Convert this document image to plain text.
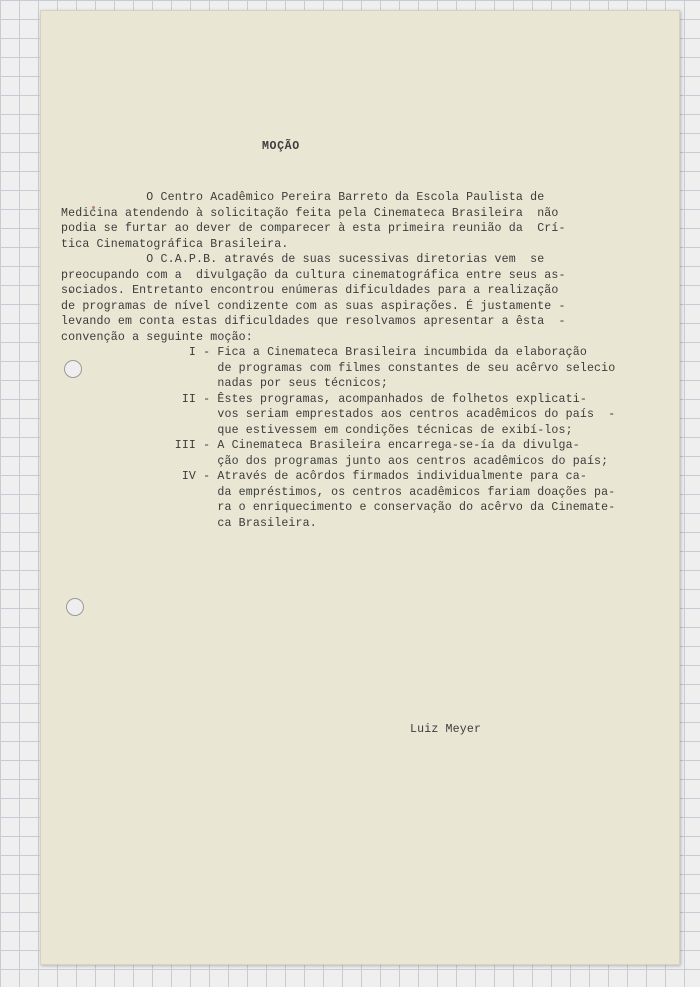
MOÇÃO
O Centro Acadêmico Pereira Barreto da Escola Paulista de
Medicina atendendo à solicitação feita pela Cinemateca Brasileira  não
podia se furtar ao dever de comparecer à esta primeira reunião da  Crí-
tica Cinematográfica Brasileira.
O C.A.P.B. através de suas sucessivas diretorias vem  se
preocupando com a  divulgação da cultura cinematográfica entre seus as-
sociados. Entretanto encontrou enúmeras dificuldades para a realização
de programas de nível condizente com as suas aspirações. É justamente -
levando em conta estas dificuldades que resolvamos apresentar a êsta  -
convenção a seguinte moção:
I - Fica a Cinemateca Brasileira incumbida da elaboração
de programas com filmes constantes de seu acêrvo selecio
nadas por seus técnicos;
II - Êstes programas, acompanhados de folhetos explicati-
vos seriam emprestados aos centros acadêmicos do país  -
que estivessem em condições técnicas de exibí-los;
III - A Cinemateca Brasileira encarrega-se-ía da divulga-
ção dos programas junto aos centros acadêmicos do país;
IV - Através de acôrdos firmados individualmente para ca-
da empréstimos, os centros acadêmicos fariam doações pa-
ra o enriquecimento e conservação do acêrvo da Cinemate-
ca Brasileira.
Luiz Meyer
